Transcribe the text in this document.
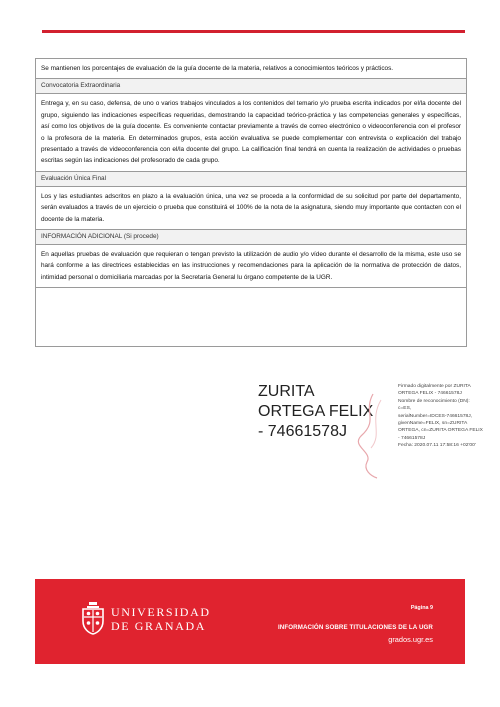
Se mantienen los porcentajes de evaluación de la guía docente de la materia, relativos a conocimientos teóricos y prácticos.
Convocatoria Extraordinaria
Entrega y, en su caso, defensa, de uno o varios trabajos vinculados a los contenidos del temario y/o prueba escrita indicados por el/la docente del grupo, siguiendo las indicaciones específicas requeridas, demostrando la capacidad teórico-práctica y las competencias generales y específicas, así como los objetivos de la guía docente. Es conveniente contactar previamente a través de correo electrónico o videoconferencia con el profesor o la profesora de la materia. En determinados grupos, esta acción evaluativa se puede complementar con entrevista o explicación del trabajo presentado a través de videoconferencia con el/la docente del grupo. La calificación final tendrá en cuenta la realización de actividades o pruebas escritas según las indicaciones del profesorado de cada grupo.
Evaluación Única Final
Los y las estudiantes adscritos en plazo a la evaluación única, una vez se proceda a la conformidad de su solicitud por parte del departamento, serán evaluados a través de un ejercicio o prueba que constituirá el 100% de la nota de la asignatura, siendo muy importante que contacten con el docente de la materia.
INFORMACIÓN ADICIONAL (Si procede)
En aquellas pruebas de evaluación que requieran o tengan previsto la utilización de audio y/o vídeo durante el desarrollo de la misma, este uso se hará conforme a las directrices establecidas en las instrucciones y recomendaciones para la aplicación de la normativa de protección de datos, intimidad personal o domiciliaria marcadas por la Secretaría General lu órgano competente de la UGR.
ZURITA
ORTEGA FELIX
- 74661578J
Firmado digitalmente por ZURITA
ORTEGA FELIX - 74661578J
Nombre de reconocimiento (DN):
c=ES,
serialNumber=IDCES-74661578J,
givenName=FELIX, sn=ZURITA
ORTEGA, cn=ZURITA ORTEGA FELIX
- 74661578J
Fecha: 2020.07.11 17:58:16 +02'00'
UNIVERSIDAD
DE GRANADA
Página 9
INFORMACIÓN SOBRE TITULACIONES DE LA UGR
grados.ugr.es
